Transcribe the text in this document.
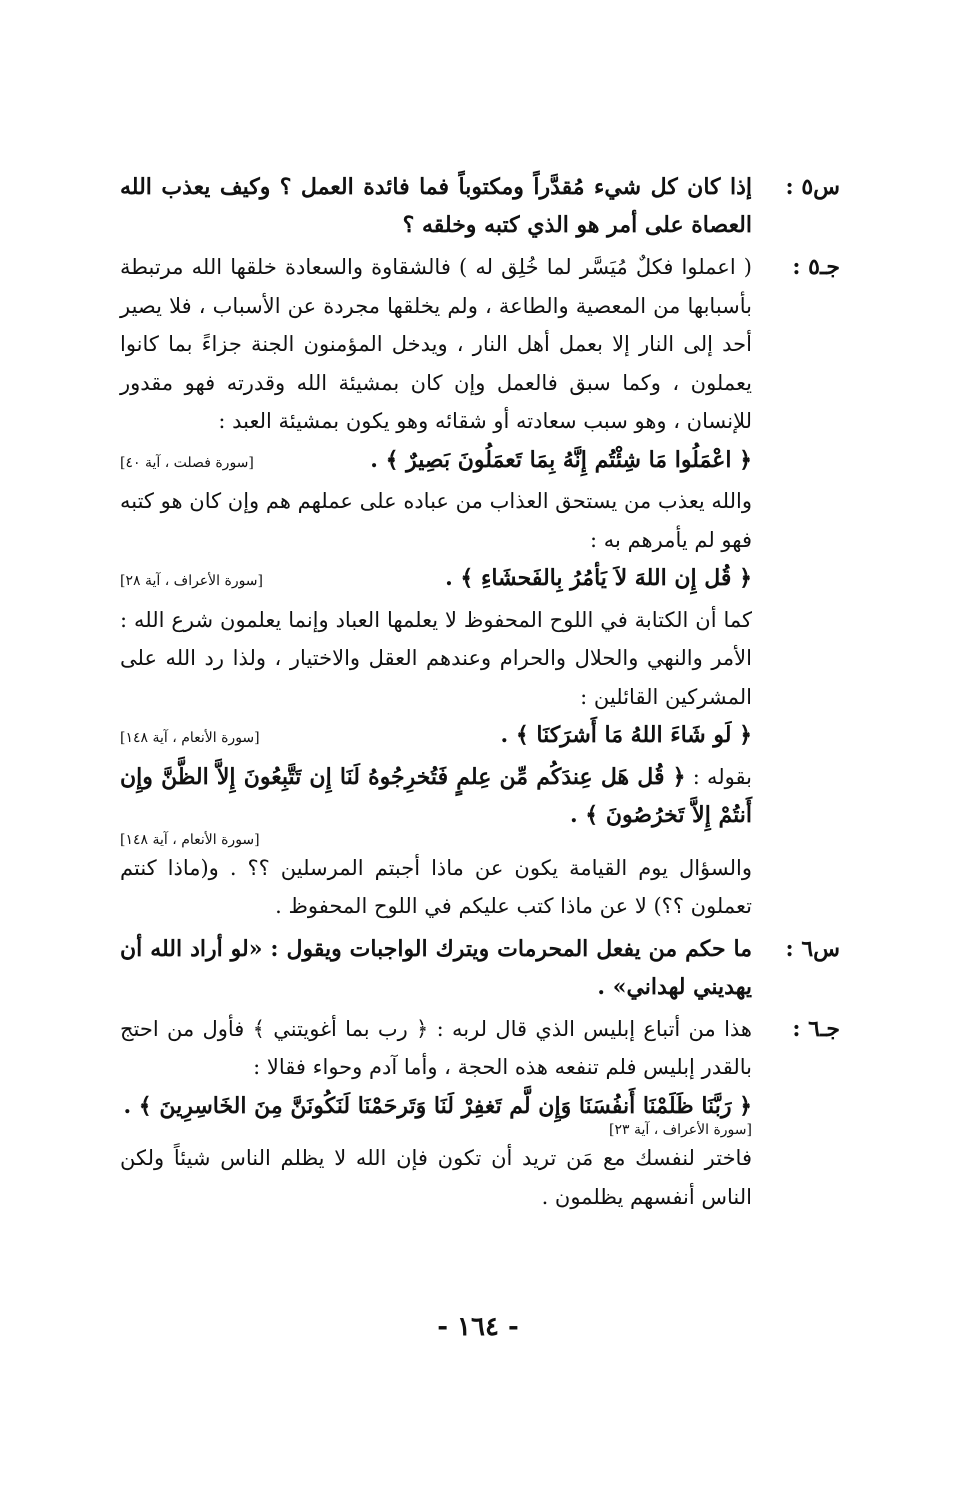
س٥ :
إذا كان كل شيء مُقدَّراً ومكتوباً فما فائدة العمل ؟ وكيف يعذب الله العصاة على أمر هو الذي كتبه وخلقه ؟
جـ٥ :

( اعملوا فكلٌ مُيَسَّر لما خُلِق له ) فالشقاوة والسعادة خلقها الله مرتبطة بأسبابها من المعصية والطاعة ، ولم يخلقها مجردة عن الأسباب ، فلا يصير أحد إلى النار إلا بعمل أهل النار ، ويدخل المؤمنون الجنة جزاءً بما كانوا يعملون ، وكما سبق فالعمل وإن كان بمشيئة الله وقدرته فهو مقدور للإنسان ، وهو سبب سعادته أو شقائه وهو يكون بمشيئة العبد :

﴿ اعْمَلُوا مَا شِئْتُم إِنَّهُ بِمَا تَعمَلُونَ بَصِيرٌ ﴾ .
[سورة فصلت ، آية ٤٠]

والله يعذب من يستحق العذاب من عباده على عملهم هم وإن كان هو كتبه فهو لم يأمرهم به :

﴿ قُل إِن اللهَ لاَ يَأمُرُ بِالفَحشَاءِ ﴾ .
[سورة الأعراف ، آية ٢٨]

كما أن الكتابة في اللوح المحفوظ لا يعلمها العباد وإنما يعلمون شرع الله : الأمر والنهي والحلال والحرام وعندهم العقل والاختيار ، ولذا رد الله على المشركين القائلين :

﴿ لَو شَاءَ اللهُ مَا أَشرَكنَا ﴾ .
[سورة الأنعام ، آية ١٤٨]

بقوله : ﴿ قُل هَل عِندَكُم مِّن عِلمٍ فَتُخرِجُوهُ لَنَا إِن تَتَّبِعُونَ إِلاَّ الظَّنَّ وإِن أَنتُمْ إِلاَّ تَخرُصُونَ ﴾ .

[سورة الأنعام ، آية ١٤٨]

والسؤال يوم القيامة يكون عن ماذا أجبتم المرسلين ؟؟ . و(ماذا كنتم تعملون ؟؟) لا عن ماذا كتب عليكم في اللوح المحفوظ .

س٦ :
ما حكم من يفعل المحرمات ويترك الواجبات ويقول : «لو أراد الله أن يهديني لهداني» .
جـ٦ :

هذا من أتباع إبليس الذي قال لربه : ﴿ رب بما أغويتني ﴾ فأول من احتج بالقدر إبليس فلم تنفعه هذه الحجة ، وأما آدم وحواء فقالا :

﴿ رَبَّنَا ظَلَمْنَا أَنفُسَنَا وَإِن لَّم تَغفِرْ لَنَا وَتَرحَمْنَا لَنَكُونَنَّ مِنَ الخَاسِرِينَ ﴾ .
[سورة الأعراف ، آية ٢٣]

فاختر لنفسك مع مَن تريد أن تكون فإن الله لا يظلم الناس شيئاً ولكن الناس أنفسهم يظلمون .

- ١٦٤ -
